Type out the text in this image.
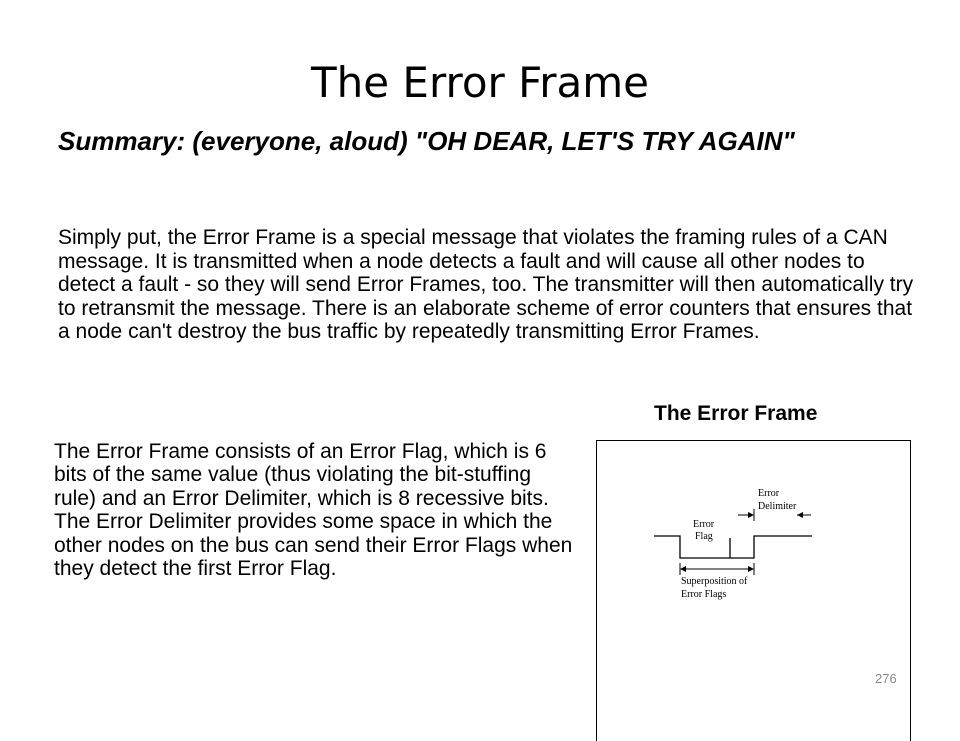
The Error Frame
Summary: (everyone, aloud) "OH DEAR, LET'S TRY AGAIN"
Simply put, the Error Frame is a special message that violates the framing rules of a CAN message. It is transmitted when a node detects a fault and will cause all other nodes to detect a fault - so they will send Error Frames, too. The transmitter will then automatically try to retransmit the message. There is an elaborate scheme of error counters that ensures that a node can't destroy the bus traffic by repeatedly transmitting Error Frames.
The Error Frame
The Error Frame consists of an Error Flag, which is 6 bits of the same value (thus violating the bit-stuffing rule) and an Error Delimiter, which is 8 recessive bits. The Error Delimiter provides some space in which the other nodes on the bus can send their Error Flags when they detect the first Error Flag.
Error
Flag
Error
Delimiter
Superposition of
Error Flags
276
